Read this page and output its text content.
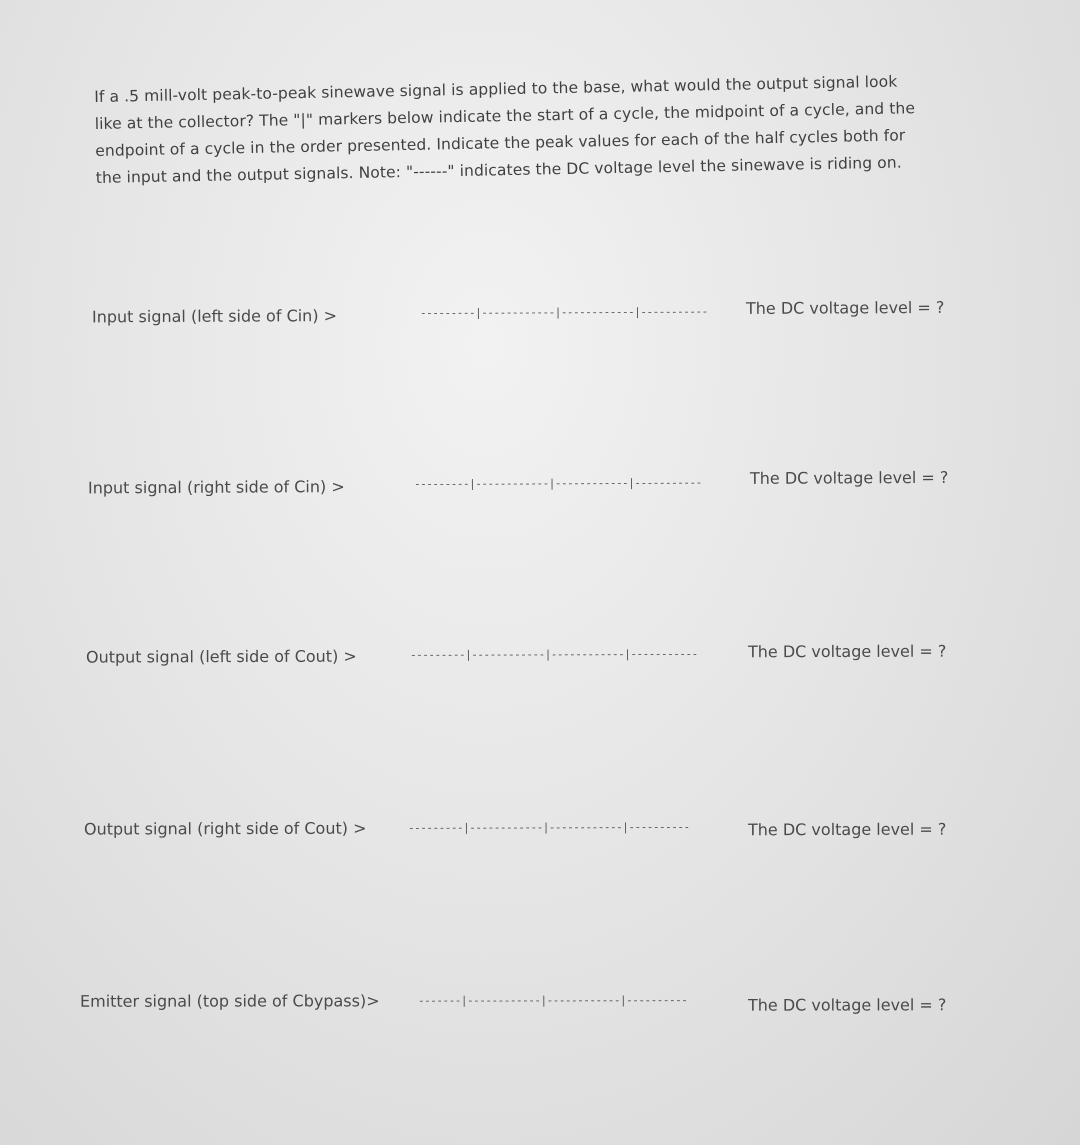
If a .5 mill-volt peak-to-peak sinewave signal is applied to the base, what would the output signal look

like at the collector? The "|" markers below indicate the start of a cycle, the midpoint of a cycle, and the

endpoint of a cycle in the order presented. Indicate the peak values for each of the half cycles both for

the input and the output signals. Note: "------" indicates the DC voltage level the sinewave is riding on.

Input signal (left side of Cin) >	---------|------------|------------|----------- The DC voltage level = ?
Input signal (right side of Cin) >	---------|------------|------------|-----------	The DC voltage level = ?
Output signal (left side of Cout) >	---------|------------|------------|-----------	The DC voltage level = ?
Output signal (right side of Cout) >	---------|------------|------------|----------	The DC voltage level = ?
Emitter signal (top side of Cbypass)>	-------|------------|------------|----------	The DC voltage level = ?
